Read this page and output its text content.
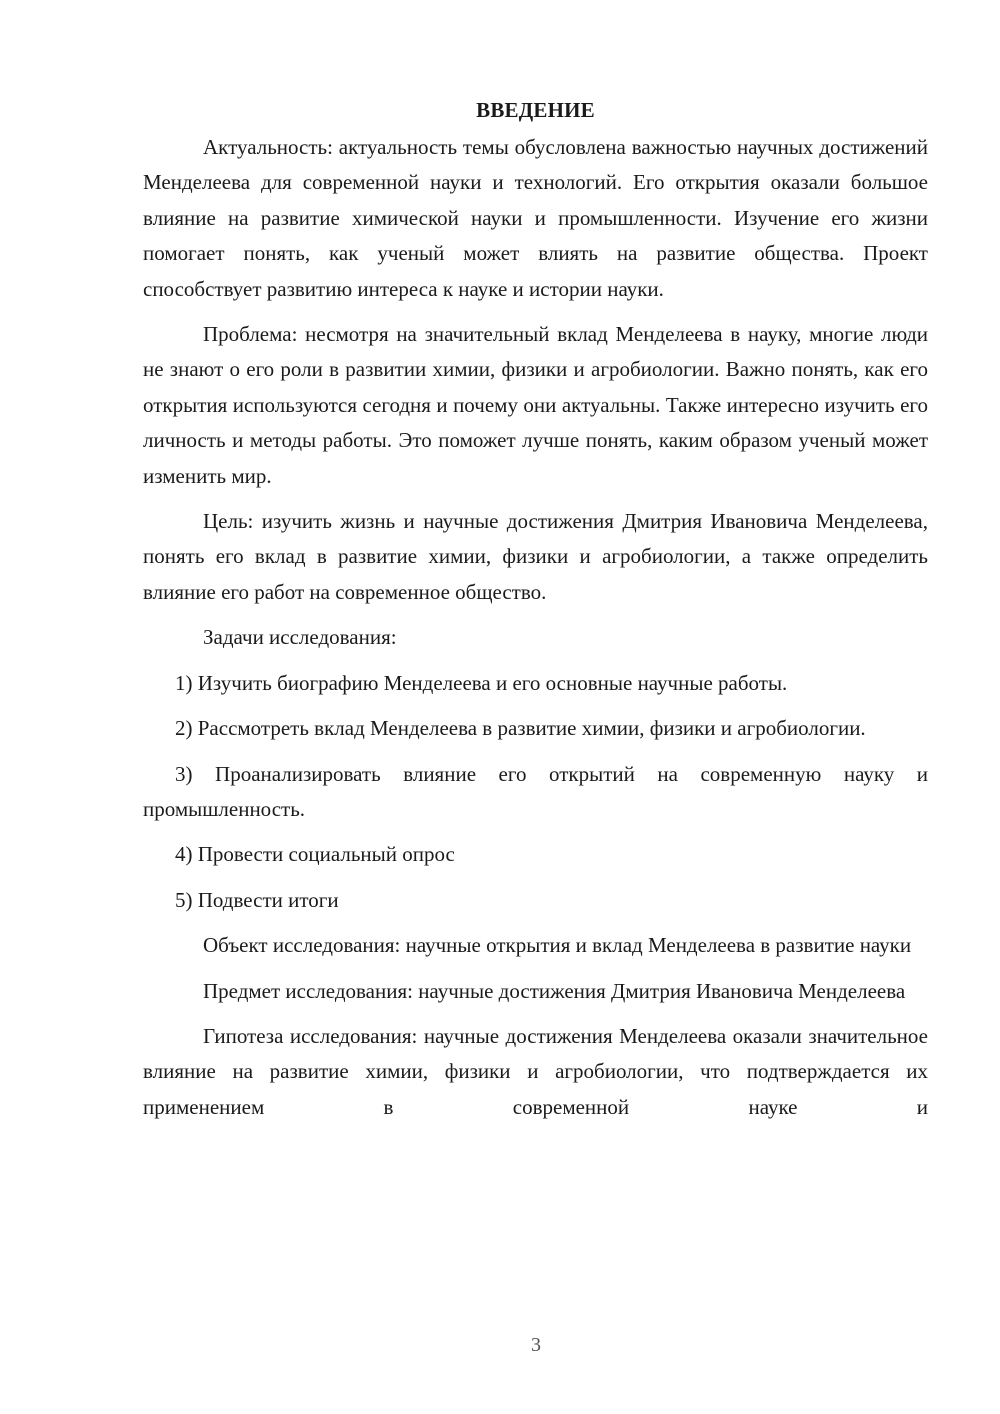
ВВЕДЕНИЕ

Актуальность: актуальность темы обусловлена важностью научных достижений Менделеева для современной науки и технологий. Его открытия оказали большое влияние на развитие химической науки и промышленности. Изучение его жизни помогает понять, как ученый может влиять на развитие общества. Проект способствует развитию интереса к науке и истории науки.

Проблема: несмотря на значительный вклад Менделеева в науку, многие люди не знают о его роли в развитии химии, физики и агробиологии. Важно понять, как его открытия используются сегодня и почему они актуальны. Также интересно изучить его личность и методы работы. Это поможет лучше понять, каким образом ученый может изменить мир.

Цель: изучить жизнь и научные достижения Дмитрия Ивановича Менделеева, понять его вклад в развитие химии, физики и агробиологии, а также определить влияние его работ на современное общество.

Задачи исследования:

1) Изучить биографию Менделеева и его основные научные работы.

2) Рассмотреть вклад Менделеева в развитие химии, физики и агробиологии.

3) Проанализировать влияние его открытий на современную науку и промышленность.

4) Провести социальный опрос

5) Подвести итоги

Объект исследования: научные открытия и вклад Менделеева в развитие науки

Предмет исследования: научные достижения Дмитрия Ивановича Менделеева

Гипотеза исследования: научные достижения Менделеева оказали значительное влияние на развитие химии, физики и агробиологии, что подтверждается их применением в современной науке и

3
